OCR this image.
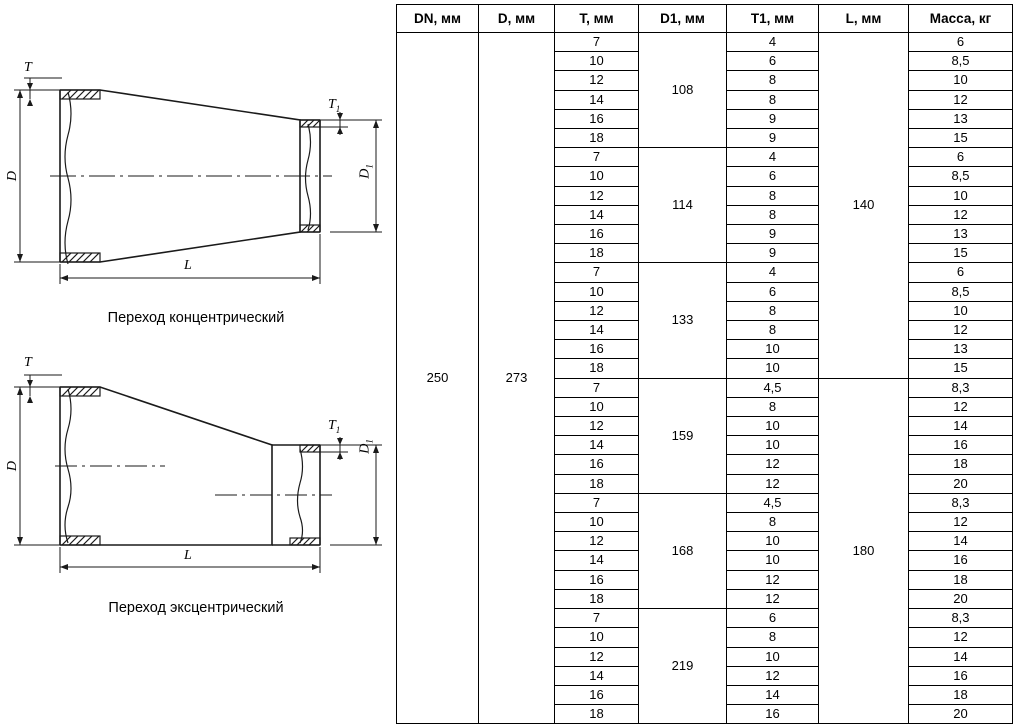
D
T
$T_1$
$D_1$
L
Переход концентрический
D
T
$T_1$
$D_1$
L
Переход эксцентрический
DN, мм	D, мм	T, мм	D1, мм	T1, мм	L, мм	Масса, кг
250	273	7	108	4	140	6
		10		6		8,5
		12		8		10
		14		8		12
		16		9		13
		18		9		15
		7	114	4		6
		10		6		8,5
		12		8		10
		14		8		12
		16		9		13
		18		9		15
		7	133	4		6
		10		6		8,5
		12		8		10
		14		8		12
		16		10		13
		18		10		15
		7	159	4,5	180	8,3
		10		8		12
		12		10		14
		14		10		16
		16		12		18
		18		12		20
		7	168	4,5		8,3
		10		8		12
		12		10		14
		14		10		16
		16		12		18
		18		12		20
		7	219	6		8,3
		10		8		12
		12		10		14
		14		12		16
		16		14		18
		18		16		20
